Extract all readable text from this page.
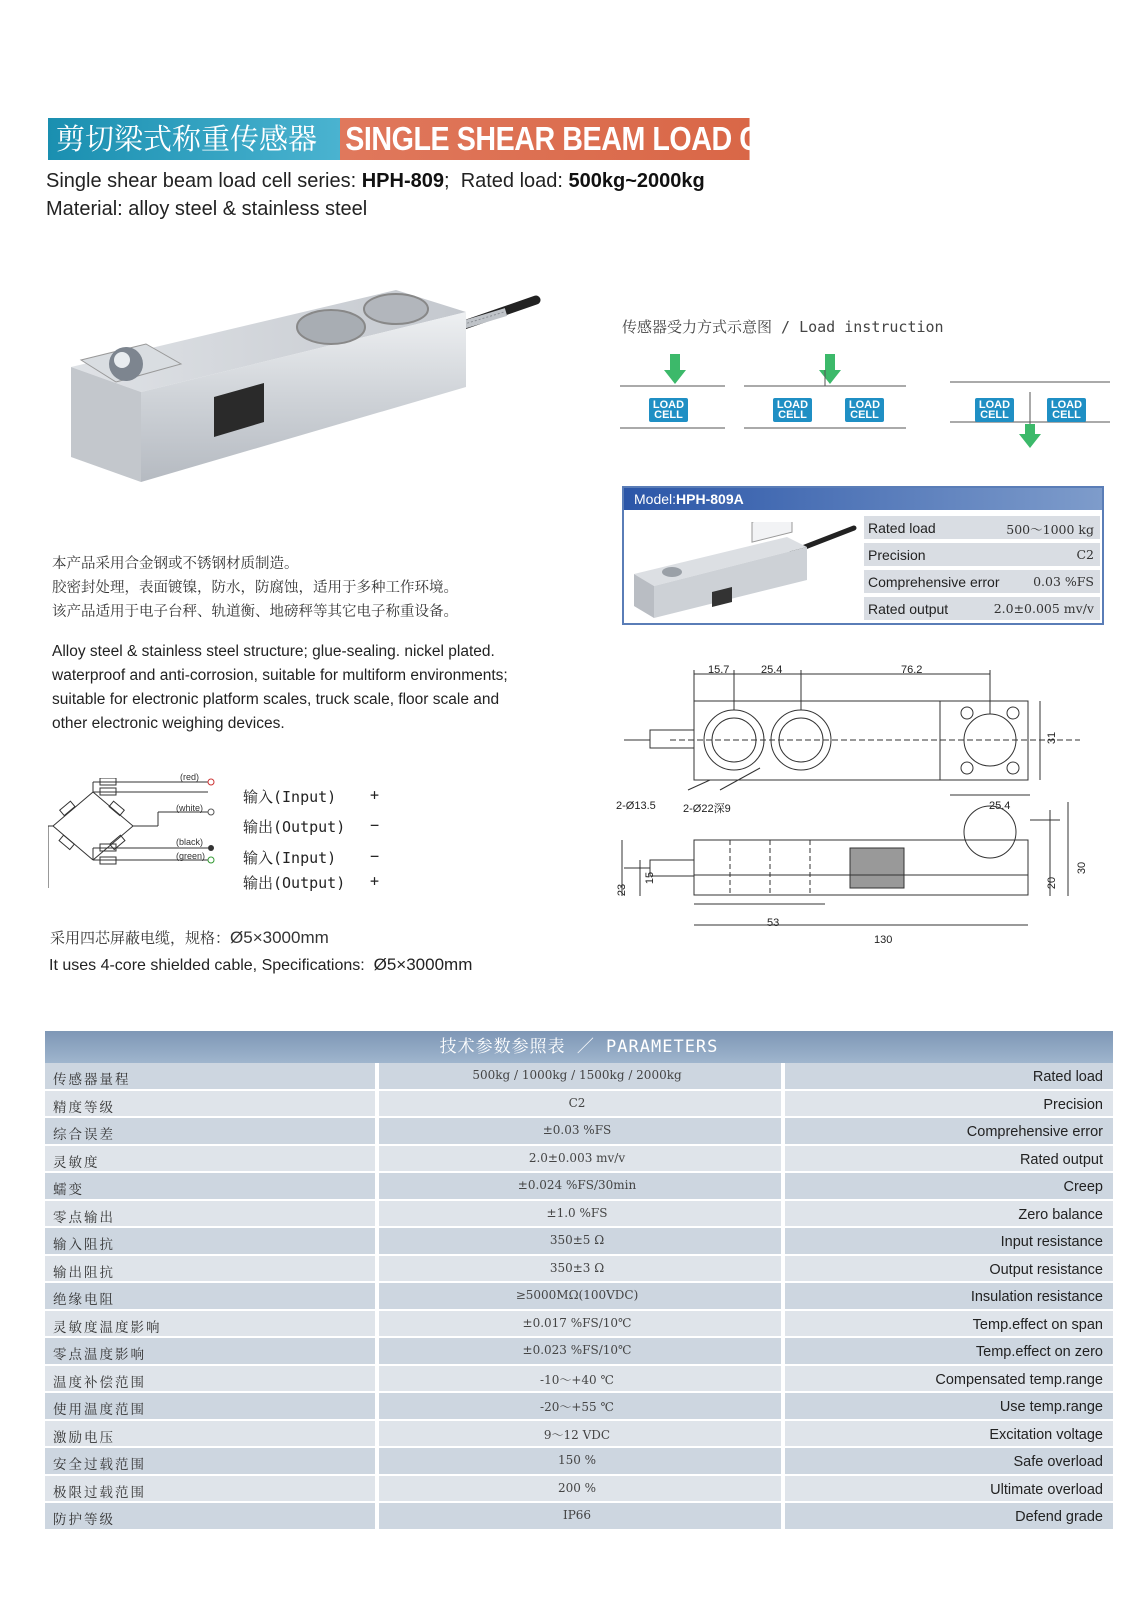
剪切梁式称重传感器 SINGLE SHEAR BEAM LOAD CELL
Single shear beam load cell series: HPH-809; Rated load: 500kg~2000kg
Material: alloy steel & stainless steel
本产品采用合金钢或不锈钢材质制造。
胶密封处理，表面镀镍，防水，防腐蚀，适用于多种工作环境。
该产品适用于电子台秤、轨道衡、地磅秤等其它电子称重设备。
Alloy steel & stainless steel structure; glue-sealing. nickel plated.
waterproof and anti-corrosion, suitable for multiform environments;
suitable for electronic platform scales, truck scale, floor scale and
other electronic weighing devices.
传感器受力方式示意图 / Load instruction
LOAD
CELL
LOAD
CELL
LOAD
CELL
LOAD
CELL
LOAD
CELL
Model:HPH-809A
Rated load	500～1000 kg
Precision	C2
Comprehensive error	0.03 %FS
Rated output	2.0±0.005 mv/v
(red)
(white)
(black)
(green)
输入(Input) +
输出(Output) −
输入(Input) −
输出(Output) +
采用四芯屏蔽电缆，规格：Ø5×3000mm
It uses 4-core shielded cable, Specifications: Ø5×3000mm
15.7	25.4	76.2
31
2-Ø13.5 2-Ø22深9	25.4
23
15	20
30
53
130
技术参数参照表 ／ PARAMETERS
传感器量程	500kg / 1000kg / 1500kg / 2000kg	Rated load
精度等级	C2	Precision
综合误差	±0.03 %FS	Comprehensive error
灵敏度	2.0±0.003 mv/v	Rated output
蠕变	±0.024 %FS/30min	Creep
零点输出	±1.0 %FS	Zero balance
输入阻抗	350±5 Ω	Input resistance
输出阻抗	350±3 Ω	Output resistance
绝缘电阻	≥5000MΩ(100VDC)	Insulation resistance
灵敏度温度影响	±0.017 %FS/10℃	Temp.effect on span
零点温度影响	±0.023 %FS/10℃	Temp.effect on zero
温度补偿范围	-10～+40 ℃	Compensated temp.range
使用温度范围	-20～+55 ℃	Use temp.range
激励电压	9～12 VDC	Excitation voltage
安全过载范围	150 %	Safe overload
极限过载范围	200 %	Ultimate overload
防护等级	IP66	Defend grade
